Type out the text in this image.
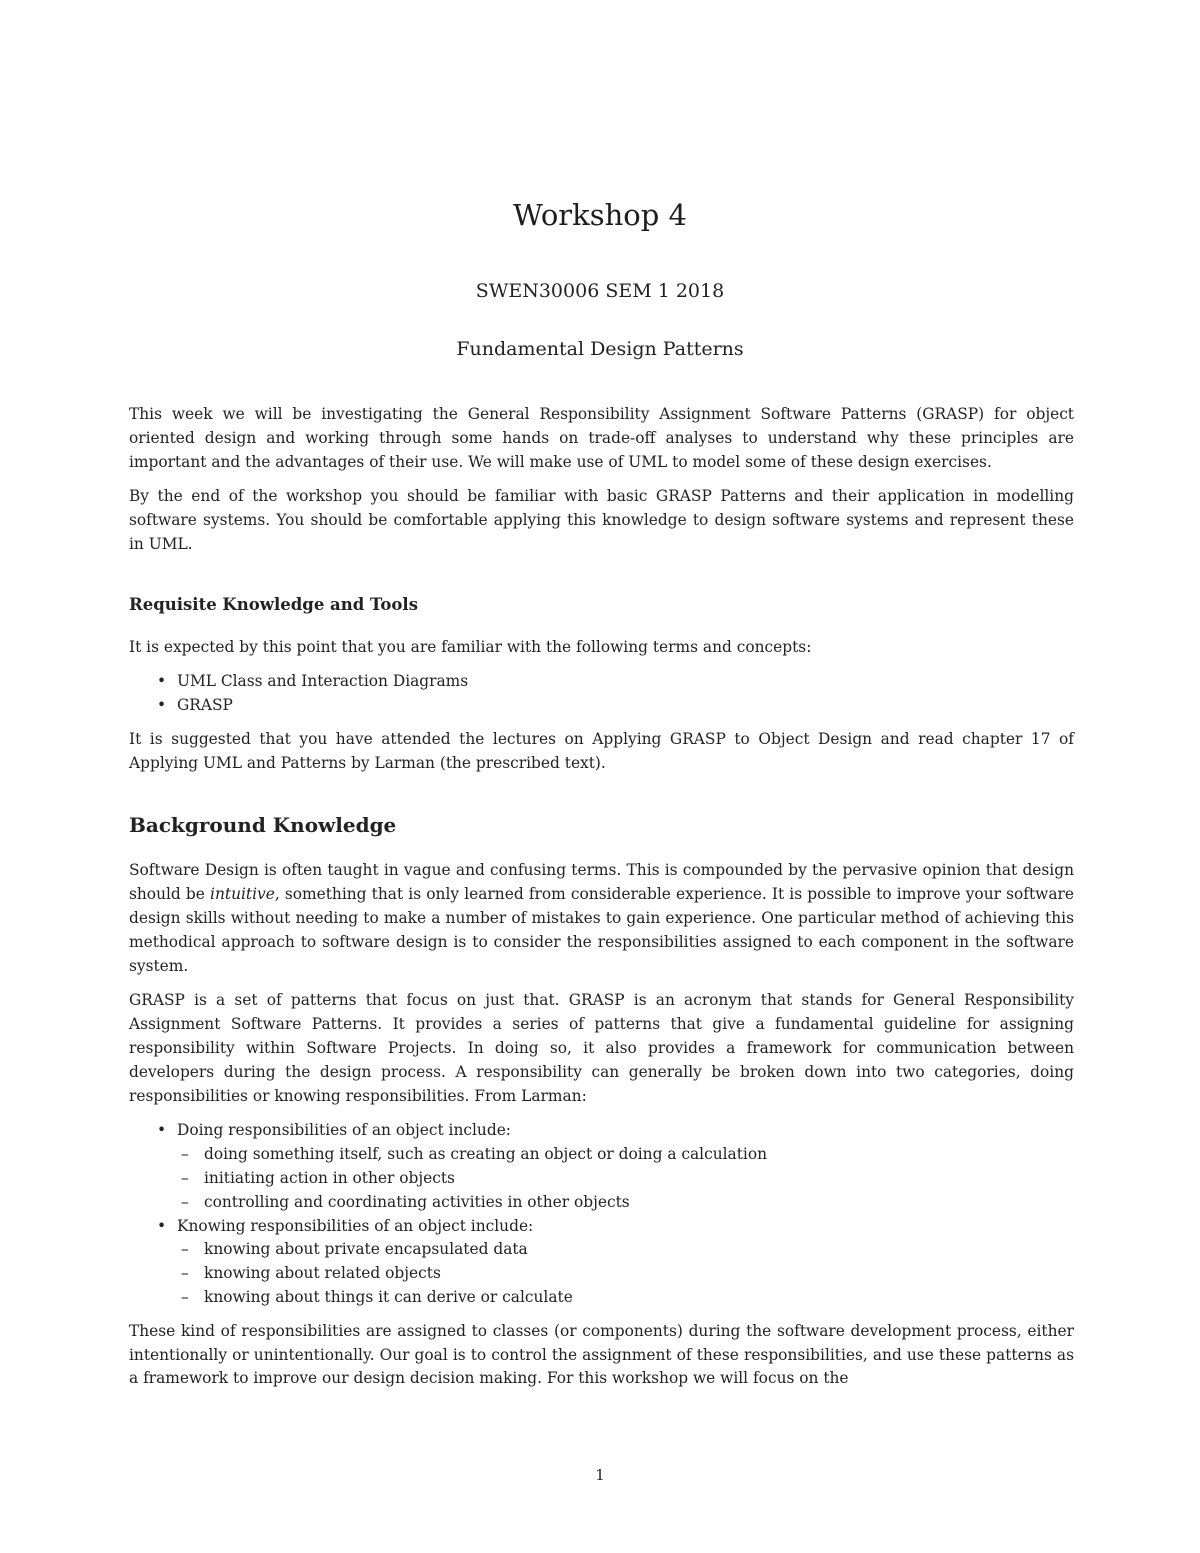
Workshop 4
SWEN30006 SEM 1 2018
Fundamental Design Patterns

This week we will be investigating the General Responsibility Assignment Software Patterns (GRASP) for object oriented design and working through some hands on trade-off analyses to understand why these principles are important and the advantages of their use. We will make use of UML to model some of these design exercises.

By the end of the workshop you should be familiar with basic GRASP Patterns and their application in modelling software systems. You should be comfortable applying this knowledge to design software systems and represent these in UML.

Requisite Knowledge and Tools

It is expected by this point that you are familiar with the following terms and concepts:

• UML Class and Interaction Diagrams
• GRASP

It is suggested that you have attended the lectures on Applying GRASP to Object Design and read chapter 17 of Applying UML and Patterns by Larman (the prescribed text).

Background Knowledge

Software Design is often taught in vague and confusing terms. This is compounded by the pervasive opinion that design should be intuitive, something that is only learned from considerable experience. It is possible to improve your software design skills without needing to make a number of mistakes to gain experience. One particular method of achieving this methodical approach to software design is to consider the responsibilities assigned to each component in the software system.

GRASP is a set of patterns that focus on just that. GRASP is an acronym that stands for General Responsibility Assignment Software Patterns. It provides a series of patterns that give a fundamental guideline for assigning responsibility within Software Projects. In doing so, it also provides a framework for communication between developers during the design process. A responsibility can generally be broken down into two categories, doing responsibilities or knowing responsibilities. From Larman:

• Doing responsibilities of an object include:
– doing something itself, such as creating an object or doing a calculation
– initiating action in other objects
– controlling and coordinating activities in other objects
• Knowing responsibilities of an object include:
– knowing about private encapsulated data
– knowing about related objects
– knowing about things it can derive or calculate

These kind of responsibilities are assigned to classes (or components) during the software development process, either intentionally or unintentionally. Our goal is to control the assignment of these responsibilities, and use these patterns as a framework to improve our design decision making. For this workshop we will focus on the

1
